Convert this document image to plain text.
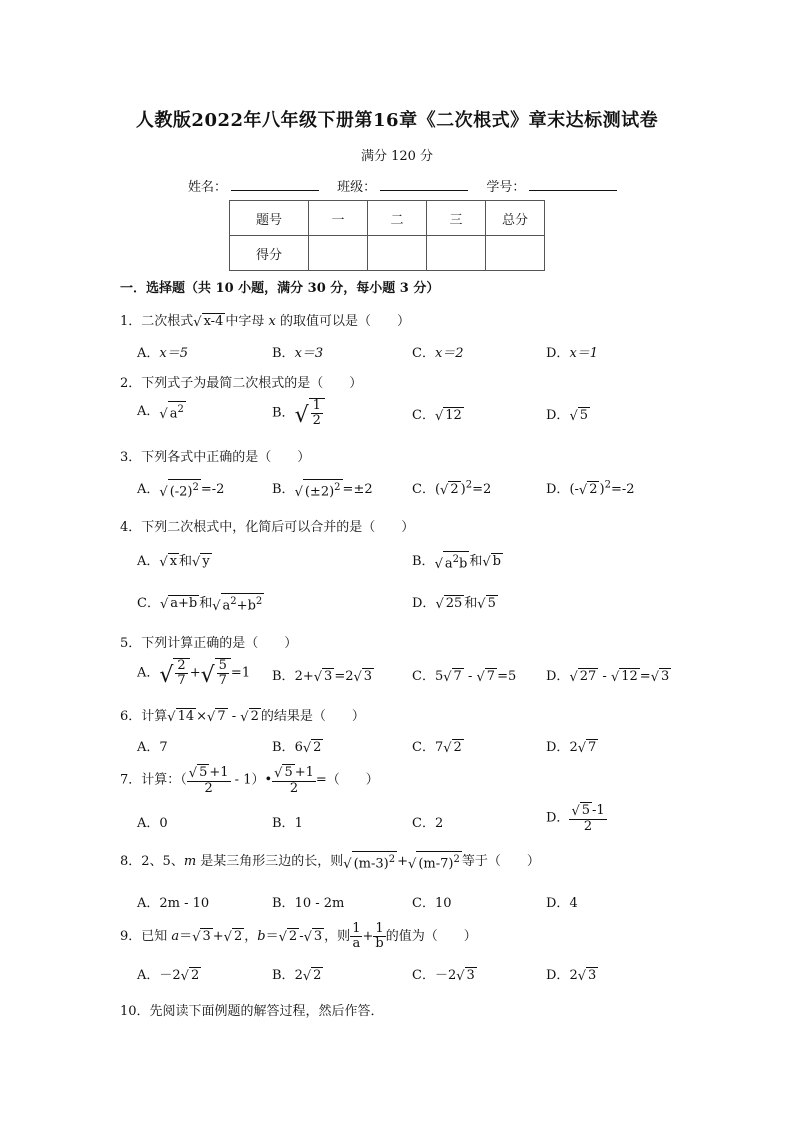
人教版2022年八年级下册第16章《二次根式》章末达标测试卷
满分 120 分
姓名：	班级：	学号：
题号	一	二	三	总分
得分				
一．选择题（共 10 小题，满分 30 分，每小题 3 分）
1．二次根式√ x-4 中字母 x 的取值可以是（　　）
A．x＝5	B．x＝3	C．x＝2	D．x＝1
2．下列式子为最简二次根式的是（　　）
A．√ $a^2$	B．√ $\frac{1}{2}$	C．√ 12	D．√ 5
3．下列各式中正确的是（　　）
A．√ $(-2)^2 =-2$	B．√ $(\pm 2)^2 =\pm 2$	C．(√ 2 )$^2$=2	D．(-√ 2 )$^2$=-2
4．下列二次根式中，化简后可以合并的是（　　）
A．√ x 和√ y	B．√ $a^2b$ 和√ b
C．√ a+b 和√ $a^2+b^2$	D．√ 25 和√ 5
5．下列计算正确的是（　　）
A．√ $\frac{2}{7}$ +√ $\frac{5}{7} =1$ B．2+√ 3 =2√ 3	C．5√ 7 - √ 7 =5 D．√ 27 - √ 12 =√ 3
6．计算√ 14 ×√ 7 - √ 2 的结果是（　　）
A．7	B．6√ 2	C．7√ 2	D．2√ 7
7．计算：（ $\frac{√ 5 +1}{2}$ - 1）• $\frac{√ 5 +1}{2}$ =（　　）
A．0	B．1	C．2	D． $\frac{√ 5 -1}{2}$
8．2、5、m 是某三角形三边的长，则√ $(m-3)^2$ +√ $(m-7)^2$ 等于（　　）
A．2m - 10	B．10 - 2m	C．10	D．4
9．已知 a＝√ 3 +√ 2 ，b＝√ 2 -√ 3 ，则 $\frac{1}{a} + \frac{1}{b}$ 的值为（　　）
A．－2√ 2	B．2√ 2	C．－2√ 3	D．2√ 3
10．先阅读下面例题的解答过程，然后作答．
